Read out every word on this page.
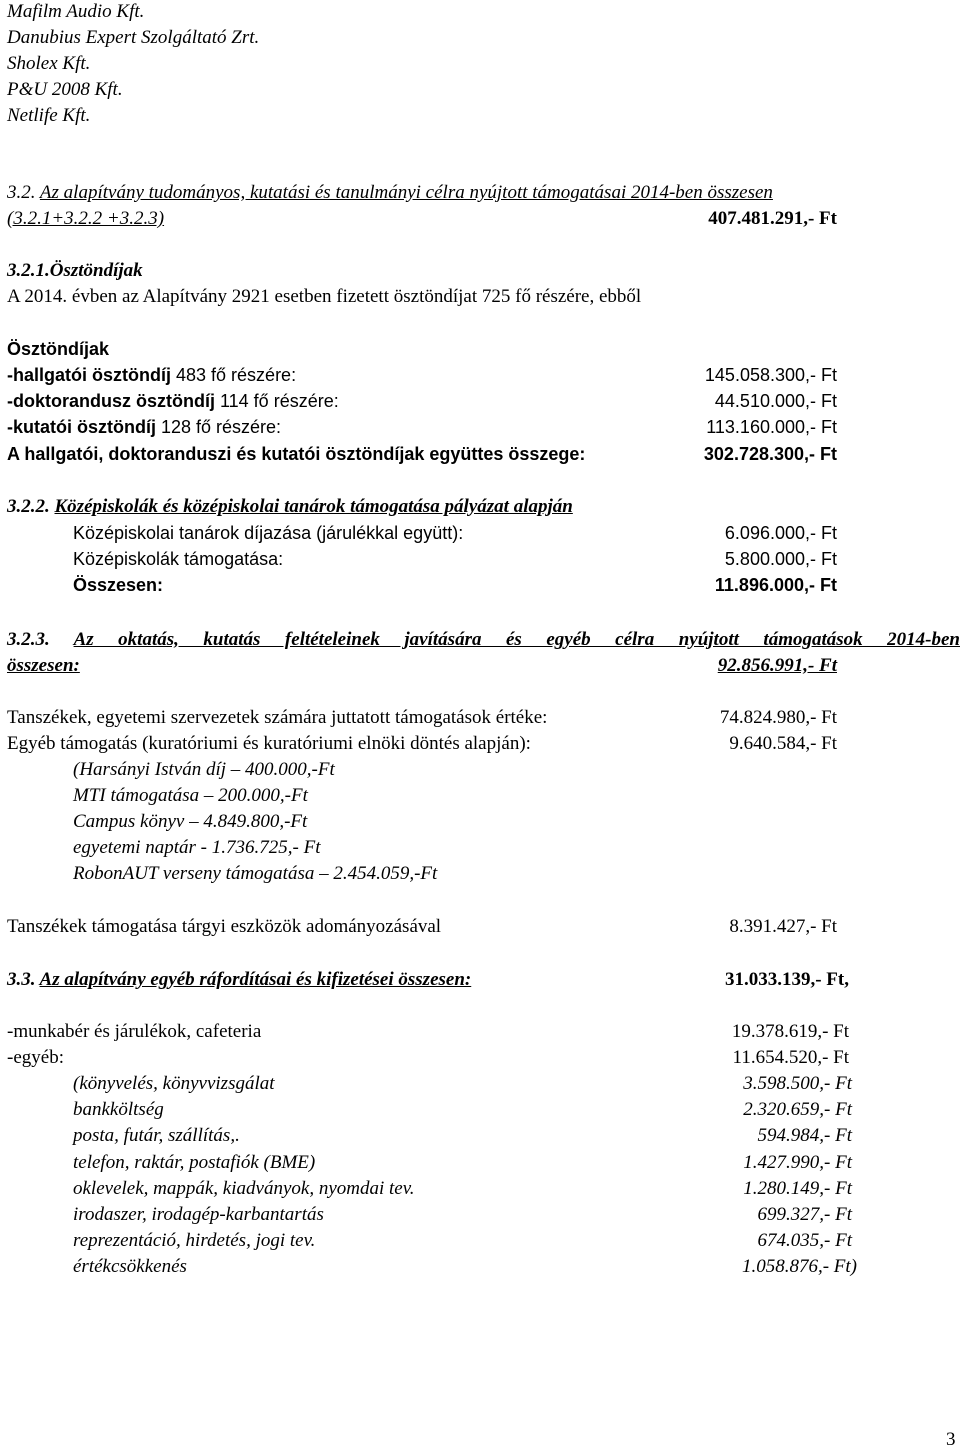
Mafilm Audio Kft.
Danubius Expert Szolgáltató Zrt.
Sholex Kft.
P&U 2008 Kft.
Netlife Kft.
3.2. Az alapítvány tudományos, kutatási és tanulmányi célra nyújtott támogatásai 2014-ben összesen
(3.2.1+3.2.2 +3.2.3)	407.481.291,- Ft
3.2.1.Ösztöndíjak
A 2014. évben az Alapítvány 2921 esetben fizetett ösztöndíjat 725 fő részére, ebből
Ösztöndíjak
-hallgatói ösztöndíj 483 fő részére:	145.058.300,- Ft
-doktorandusz ösztöndíj 114 fő részére:	44.510.000,- Ft
-kutatói ösztöndíj 128 fő részére:	113.160.000,- Ft
A hallgatói, doktoranduszi és kutatói ösztöndíjak együttes összege:	302.728.300,- Ft
3.2.2. Középiskolák és középiskolai tanárok támogatása pályázat alapján
Középiskolai tanárok díjazása (járulékkal együtt):	6.096.000,- Ft
Középiskolák támogatása:	5.800.000,- Ft
Összesen:	11.896.000,- Ft
3.2.3. Az oktatás, kutatás feltételeinek javítására és egyéb célra nyújtott támogatások 2014-ben
összesen:	92.856.991,- Ft
Tanszékek, egyetemi szervezetek számára juttatott támogatások értéke:	74.824.980,- Ft
Egyéb támogatás (kuratóriumi és kuratóriumi elnöki döntés alapján):	9.640.584,- Ft
(Harsányi István díj – 400.000,-Ft
MTI támogatása – 200.000,-Ft
Campus könyv – 4.849.800,-Ft
egyetemi naptár - 1.736.725,- Ft
RobonAUT verseny támogatása – 2.454.059,-Ft
Tanszékek támogatása tárgyi eszközök adományozásával	8.391.427,- Ft
3.3. Az alapítvány egyéb ráfordításai és kifizetései összesen:	31.033.139,- Ft,
-munkabér és járulékok, cafeteria	19.378.619,- Ft
-egyéb:	11.654.520,- Ft
(könyvelés, könyvvizsgálat	3.598.500,- Ft
bankköltség	2.320.659,- Ft
posta, futár, szállítás,.	594.984,- Ft
telefon, raktár, postafiók (BME)	1.427.990,- Ft
oklevelek, mappák, kiadványok, nyomdai tev.	1.280.149,- Ft
irodaszer, irodagép-karbantartás	699.327,- Ft
reprezentáció, hirdetés, jogi tev.	674.035,- Ft
értékcsökkenés	1.058.876,- Ft)
3
